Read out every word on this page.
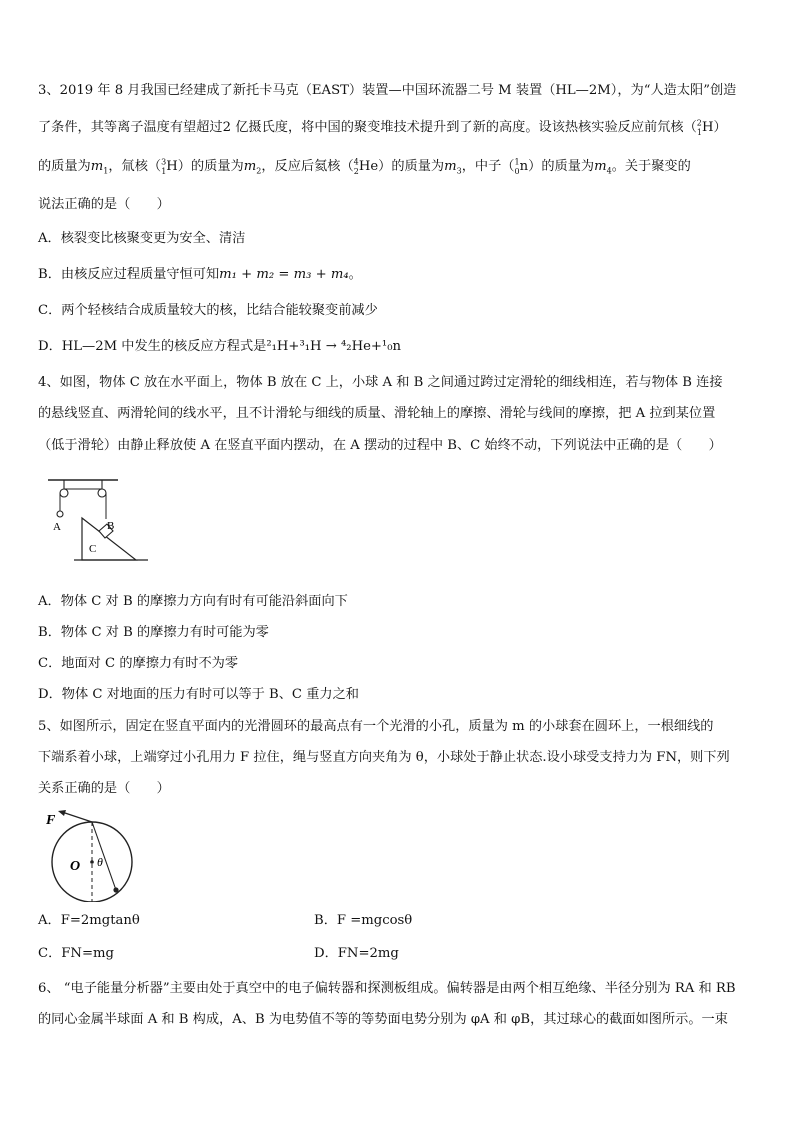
3、2019 年 8 月我国已经建成了新托卡马克（EAST）装置—中国环流器二号 M 装置（HL—2M），为“人造太阳”创造
了条件，其等离子温度有望超过2 亿摄氏度，将中国的聚变堆技术提升到了新的高度。设该热核实验反应前氘核（$^2_1$H）
的质量为$m_1$，氚核（$^3_1$H）的质量为$m_2$，反应后氦核（$^4_2$He）的质量为$m_3$，中子（$^1_0$n）的质量为$m_4$。关于聚变的
说法正确的是（　　）
A．核裂变比核聚变更为安全、清洁
B．由核反应过程质量守恒可知m₁ + m₂ = m₃ + m₄。
C．两个轻核结合成质量较大的核，比结合能较聚变前减少
D．HL—2M 中发生的核反应方程式是²₁H+³₁H → ⁴₂He+¹₀n
4、如图，物体 C 放在水平面上，物体 B 放在 C 上，小球 A 和 B 之间通过跨过定滑轮的细线相连，若与物体 B 连接
的悬线竖直、两滑轮间的线水平，且不计滑轮与细线的质量、滑轮轴上的摩擦、滑轮与线间的摩擦，把 A 拉到某位置
（低于滑轮）由静止释放使 A 在竖直平面内摆动，在 A 摆动的过程中 B、C 始终不动，下列说法中正确的是（　　）
A	B
C
A．物体 C 对 B 的摩擦力方向有时有可能沿斜面向下
B．物体 C 对 B 的摩擦力有时可能为零
C．地面对 C 的摩擦力有时不为零
D．物体 C 对地面的压力有时可以等于 B、C 重力之和
5、如图所示，固定在竖直平面内的光滑圆环的最高点有一个光滑的小孔，质量为 m 的小球套在圆环上，一根细线的
下端系着小球，上端穿过小孔用力 F 拉住，绳与竖直方向夹角为 θ，小球处于静止状态.设小球受支持力为 FN，则下列
关系正确的是（　　）
F
O θ
A．F=2mgtanθ	B．F =mgcosθ
C．FN=mg	D．FN=2mg
6、 “电子能量分析器”主要由处于真空中的电子偏转器和探测板组成。偏转器是由两个相互绝缘、半径分别为 RA 和 RB
的同心金属半球面 A 和 B 构成，A、B 为电势值不等的等势面电势分别为 φA 和 φB，其过球心的截面如图所示。一束
